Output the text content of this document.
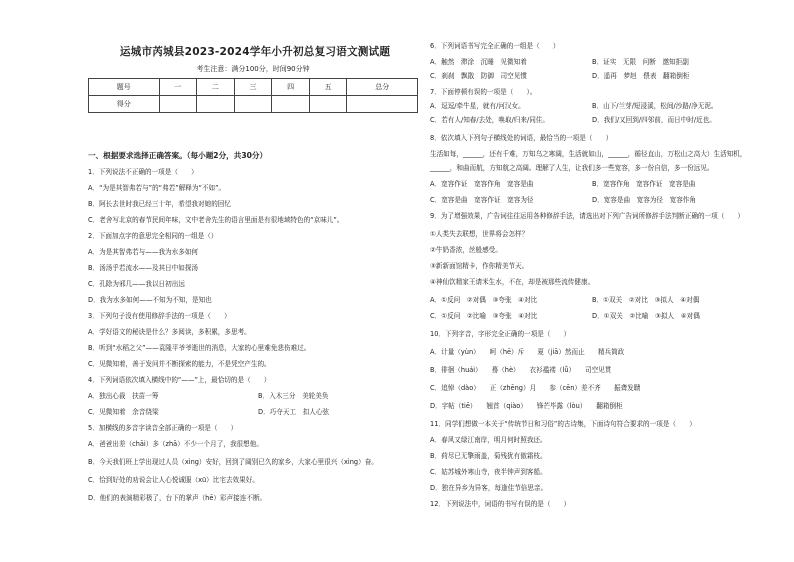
运城市芮城县2023-2024学年小升初总复习语文测试题
考生注意：满分100分，时间90分钟
题号	一	二	三	四	五	总分
得分						
一、根据要求选择正确答案。（每小题2分，共30分）
1．下列说法不正确的一项是（　　）
A．“为是其智弗若与”的“弗若”解释为“不如”。
B．阿长去世时我已经三十年，希望我对她的回忆
C．老舍写北京的春节民间年味，文中老舍先生的语言里面是有很地域特色的“京味儿”。
2．下面加点字的意思完全相同的一组是（）
A．为是其智弗若与——我为水多如何
B．汤汤乎若流水——及其日中如探汤
C．孔除为邪几——我以日初出远
D．我为水多如何——不知为不知，是知也
3．下列句子没有使用修辞手法的一项是（　　）
A．学好语文的秘诀是什么？多阅读，多积累，多思考。
B．听到“水稻之父”——袁隆平爷爷逝世的消息，大家的心里难免悲伤难过。
C．见微知着，善于发问并不断探索的能力，不是凭空产生的。
4．下列词语依次填入横线中的“——”上，最恰切的是（　　）
A．独出心裁　扶苗一筹	B．入木三分　美轮美奂
C．见微知着　余音绕梁	D．巧夺天工　扣人心弦
5．加横线的多音字读音全部正确的一项是（　　）
A．爸爸出差（chāi）多（zhā）不少一个月了，我很想他。
B．今天我们班上学出现过人员（xìng）安好，回到了阔别已久的家乡，大家心里很兴（xìng）奋。
C．恰到好处的劝说会让人心悦诚服（xū）比宅去效果好。
D．他们的表演精彩极了，台下的掌声（hē）彩声接连不断。
6．下列词语书写完全正确的一组是（　　）
A．触然　滞涂　沉睡　见微知着	B．证实　无限　问断　邀知拒副
C．刹刹　飘散　防御　司空见惯	D．遥再　梦赳　偎表　翻箱倒柜
7．下面停顿有误的一项是（　　）。
A．逗逗/牵牛星，就有/河汉女。	B．山下/兰芽/短浸溪，松间/沙路/净无泥。
C．若有人/知春/去处，唤取/归来/同住。	D．我们/又回到/四邻前，而日中时/近也。
8．依次填入下列句子横线处的词语，最恰当的一项是（　　）
生活如每，______，还有千难，万知乌之寒阔，生活就如山，______，循径直山，万松山之高大）生活知机，
______，和曲而航，方知航之高阔。理解了人生，让我们多一些宽容，多一份自信，多一份远见。
A．宽容作证　宽容作角　宽容是曲	B．宽容作角　宽容作证　宽容是曲
C．宽容是曲　宽容作证　宽容为径	D．宽容是曲　宽容为径　宽容作角
9．为了增强效果，广告词往往运用各种修辞手法，请选出对下列广告词所修辞手法判断正确的一项（　　）
①人类失去联想，世界将会怎样？
②牛奶香浓，丝般感受。
③新新面馆精卡，作你精美节天。
④神仙饮精家王请米生水，不在，却是被那些流传健康。
A．①反问　②对偶　③夸张　④对比	B．①双关　②对比　③拟人　④对偶
C．①反问　②比喻　③夸张　④对比	D．①双关　②比喻　③拟人　④对偶
10．下列字音，字形完全正确的一项是（　　）
A．计量（yùn）　　呵（hē）斥　　夏（jiā）然而止　　精兵简政
B．徘徊（huái）　　蓦（hè）　　衣衫褴褛（lǚ）　　司空见贯
C．追悼（dào）　　正（zhēng）月　　参（cēn）差不齐　　振聋发聩
D．字帖（tiē）　　翘首（qiào）　　锋芒毕露（lòu）　　翻箱倒柜
11．同学们想做一本关于“传统节日和习俗”的古诗集，下面诗句符合要求的一项是（　　）
A．春风又绿江南岸，明月何时照我还。
B．荷尽已无擎雨盖，菊残犹有傲霜枝。
C．姑苏城外寒山寺，夜半钟声到客船。
D．独在异乡为异客，每逢佳节倍思亲。
12．下列说法中，词语的书写有误的是（　　）
